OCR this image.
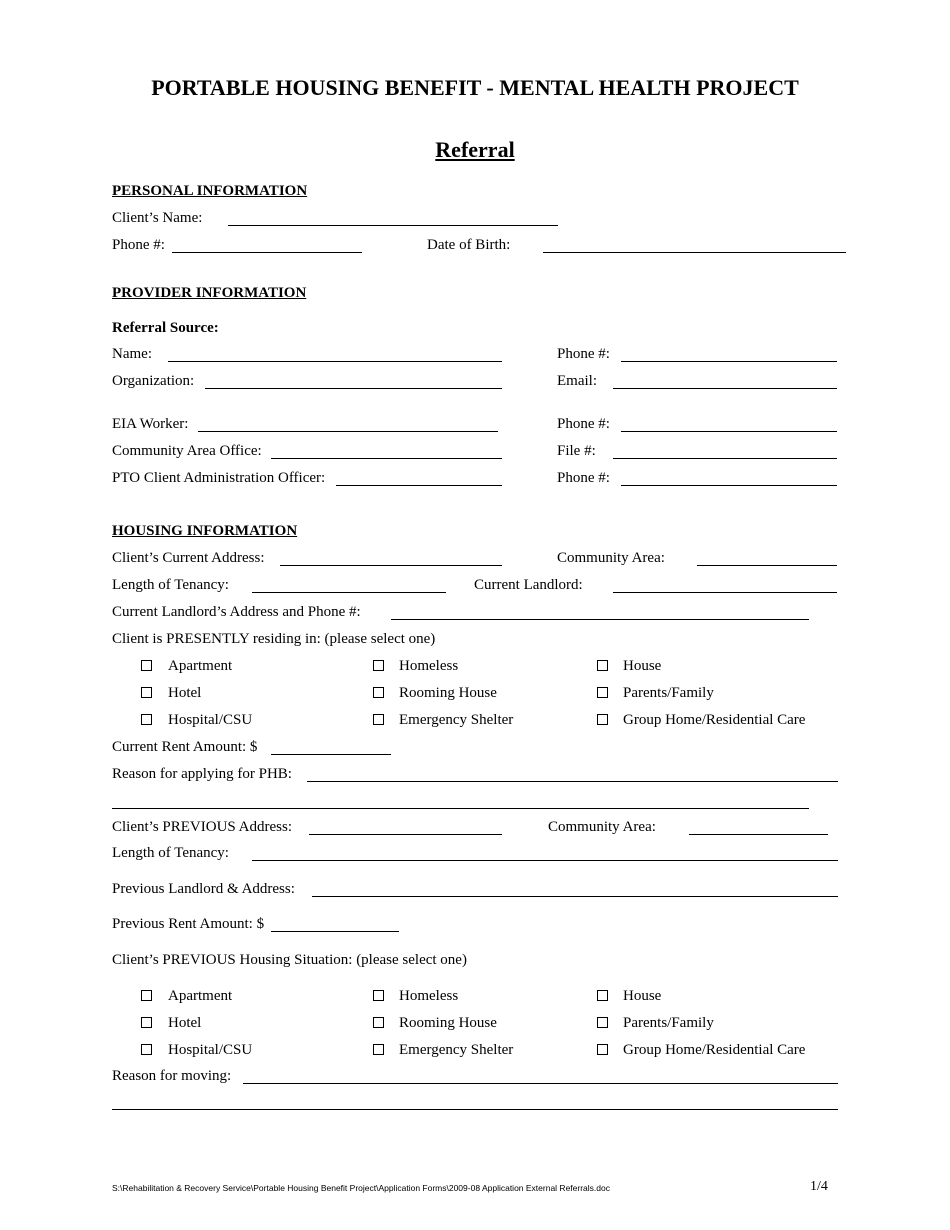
PORTABLE HOUSING BENEFIT - MENTAL HEALTH PROJECT
Referral
PERSONAL INFORMATION
Client’s Name:
Phone #:	Date of Birth:
PROVIDER INFORMATION
Referral Source:
Name:	Phone #:
Organization:	Email:
EIA Worker:	Phone #:
Community Area Office:	File #:
PTO Client Administration Officer:	Phone #:
HOUSING INFORMATION
Client’s Current Address:	Community Area:
Length of Tenancy:	Current Landlord:
Current Landlord’s Address and Phone #:
Client is PRESENTLY residing in: (please select one)
Apartment	Homeless	House
Hotel	Rooming House	Parents/Family
Hospital/CSU	Emergency Shelter	Group Home/Residential Care
Current Rent Amount: $
Reason for applying for PHB:
Client’s PREVIOUS Address:	Community Area:
Length of Tenancy:
Previous Landlord & Address:
Previous Rent Amount: $
Client’s PREVIOUS Housing Situation: (please select one)
Apartment	Homeless	House
Hotel	Rooming House	Parents/Family
Hospital/CSU	Emergency Shelter	Group Home/Residential Care
Reason for moving:
S:\Rehabilitation & Recovery Service\Portable Housing Benefit Project\Application Forms\2009-08 Application External Referrals.doc	1/4
